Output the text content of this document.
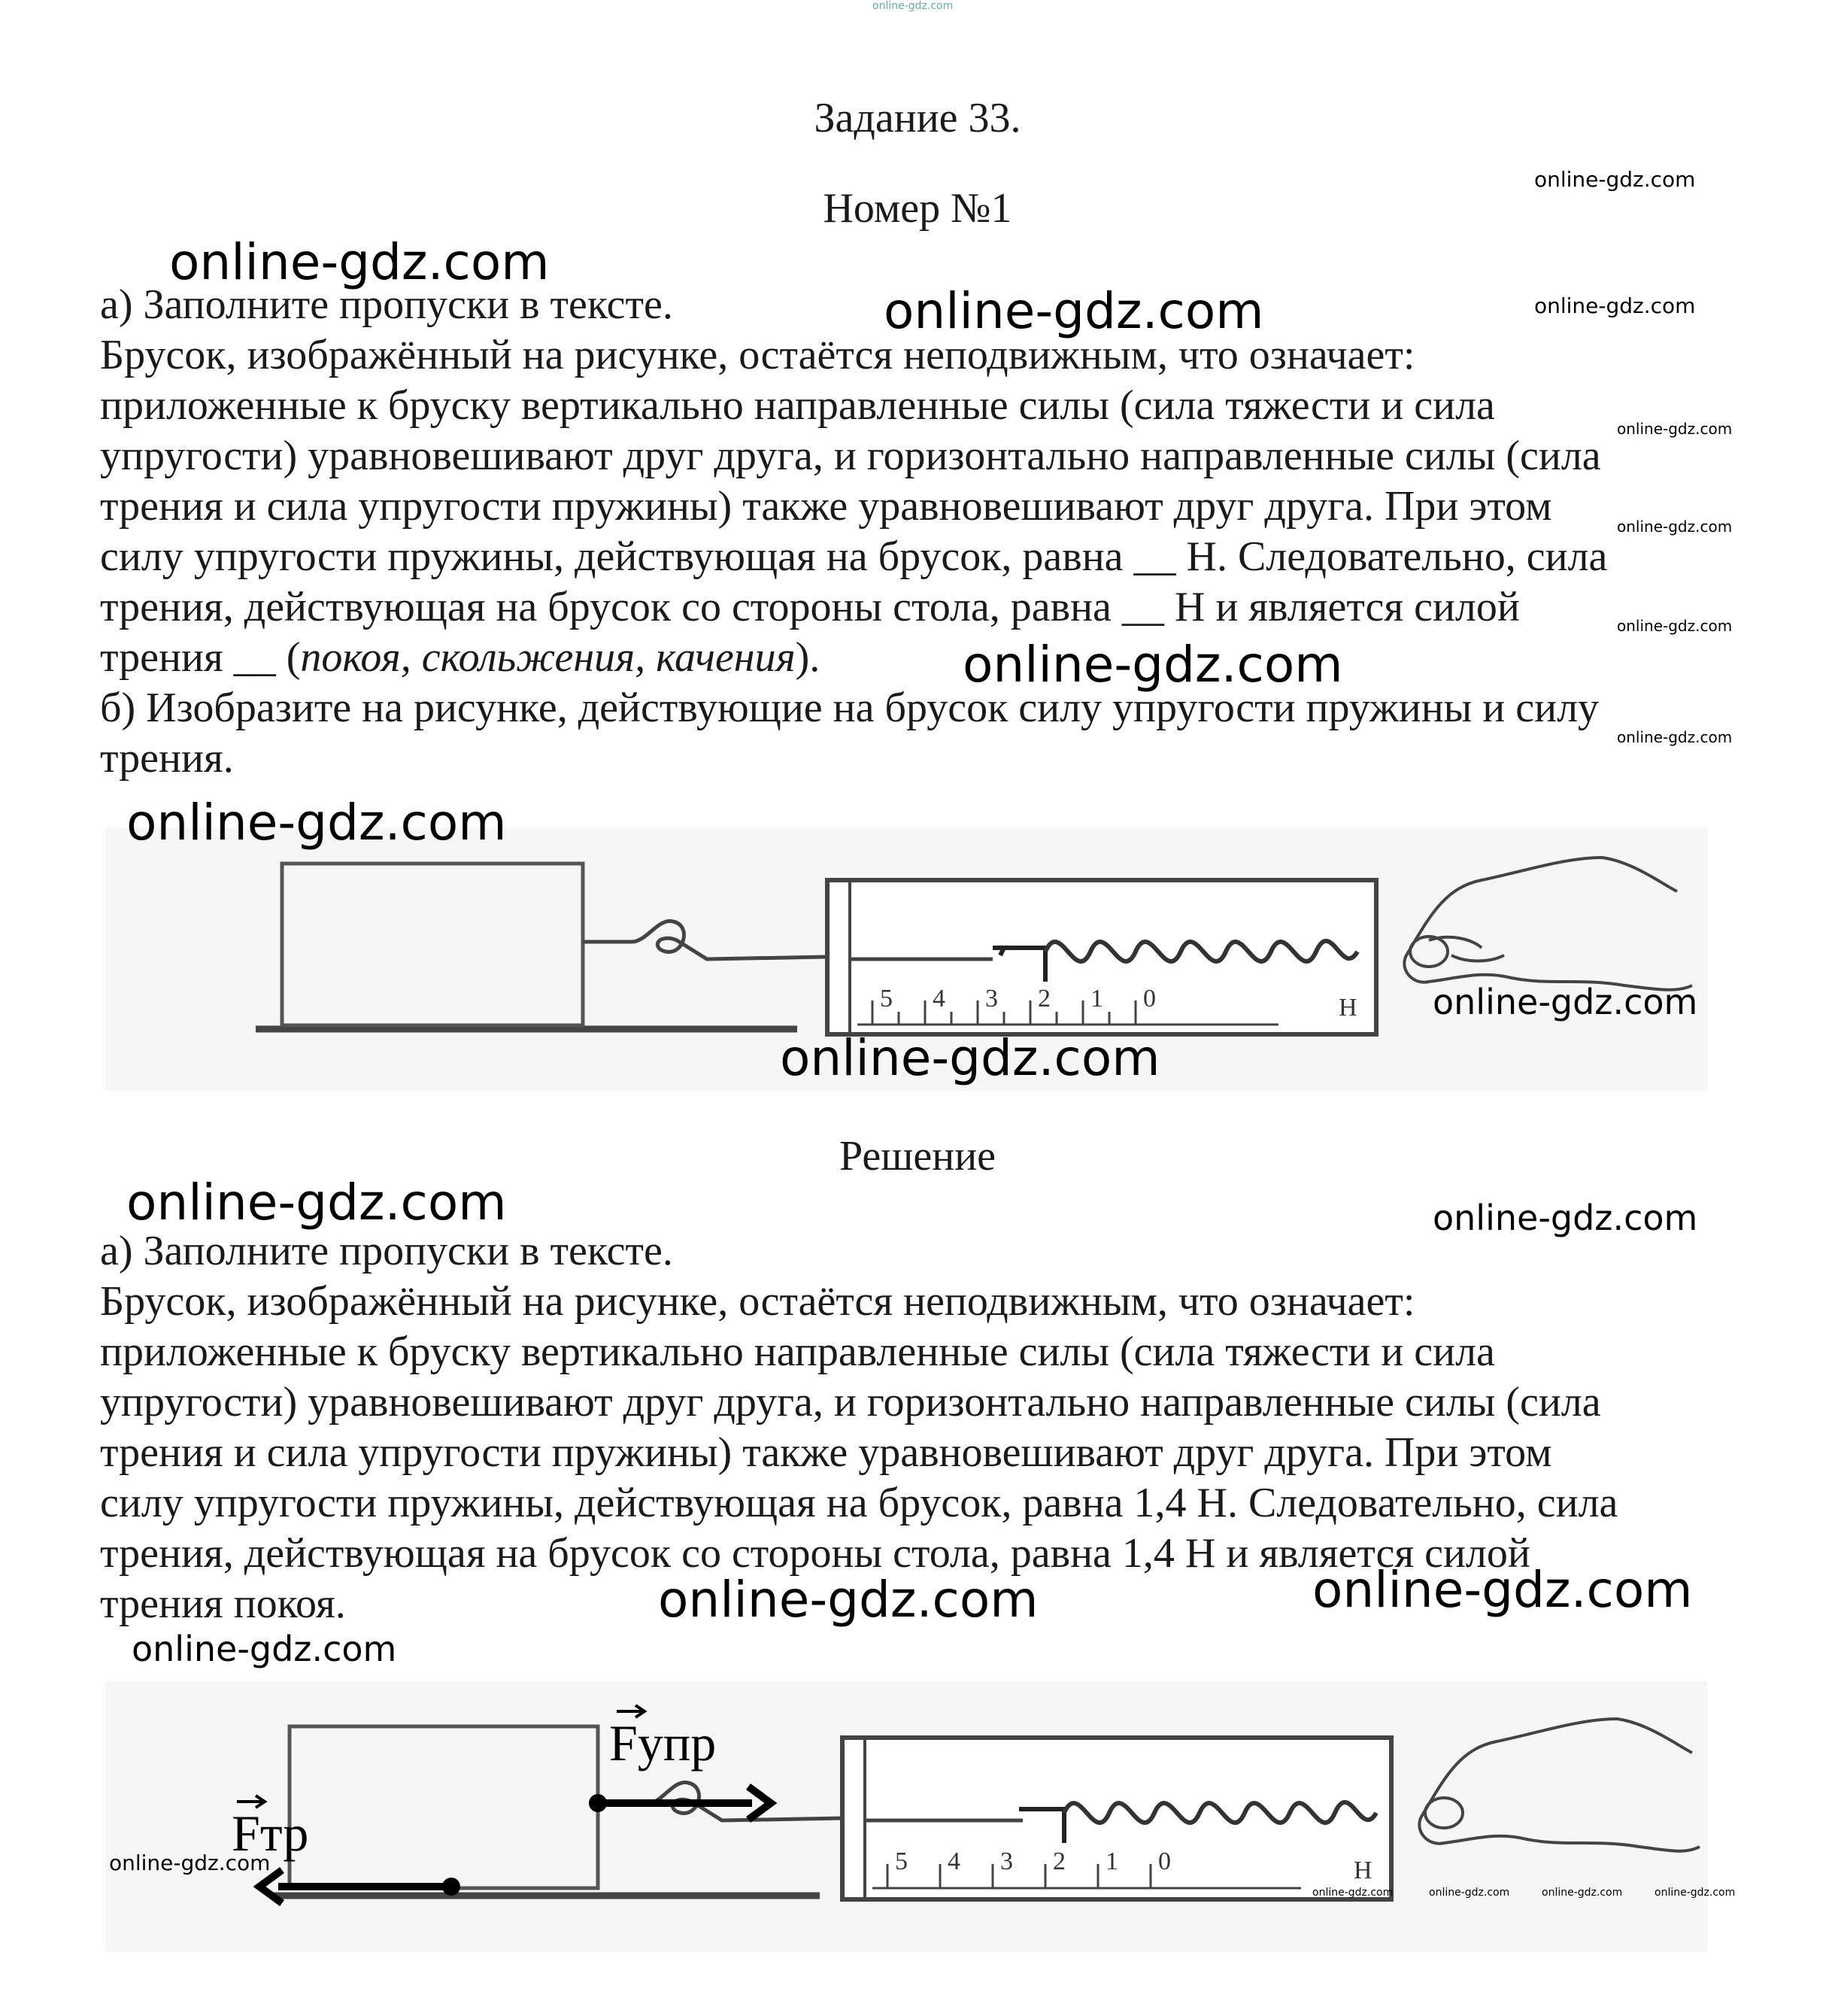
online-gdz.com
Задание 33.
Номер №1

а) Заполните пропуски в тексте.

Брусок, изображённый на рисунке, остаётся неподвижным, что означает:

приложенные к бруску вертикально направленные силы (сила тяжести и сила

упругости) уравновешивают друг друга, и горизонтально направленные силы (сила

трения и сила упругости пружины) также уравновешивают друг друга. При этом

силу упругости пружины, действующая на брусок, равна __ Н. Следовательно, сила

трения, действующая на брусок со стороны стола, равна __ Н и является силой

трения __ (покоя, скольжения, качения).

б) Изобразите на рисунке, действующие на брусок силу упругости пружины и силу

трения.

5 4 3 2 1 0	Н
Решение

а) Заполните пропуски в тексте.

Брусок, изображённый на рисунке, остаётся неподвижным, что означает:

приложенные к бруску вертикально направленные силы (сила тяжести и сила

упругости) уравновешивают друг друга, и горизонтально направленные силы (сила

трения и сила упругости пружины) также уравновешивают друг друга. При этом

силу упругости пружины, действующая на брусок, равна 1,4 Н. Следовательно, сила

трения, действующая на брусок со стороны стола, равна 1,4 Н и является силой

трения покоя.

5 4 3 2 1 0	Н
Fупр
Fтр
online-gdz.com
online-gdz.com
online-gdz.com
online-gdz.com
online-gdz.com
online-gdz.com
online-gdz.com
online-gdz.com
online-gdz.com
online-gdz.com
online-gdz.com
online-gdz.com
online-gdz.com	online-gdz.com
online-gdz.com	online-gdz.com
online-gdz.com
online-gdz.com
online-gdz.com	online-gdz.com	online-gdz.com	online-gdz.com
